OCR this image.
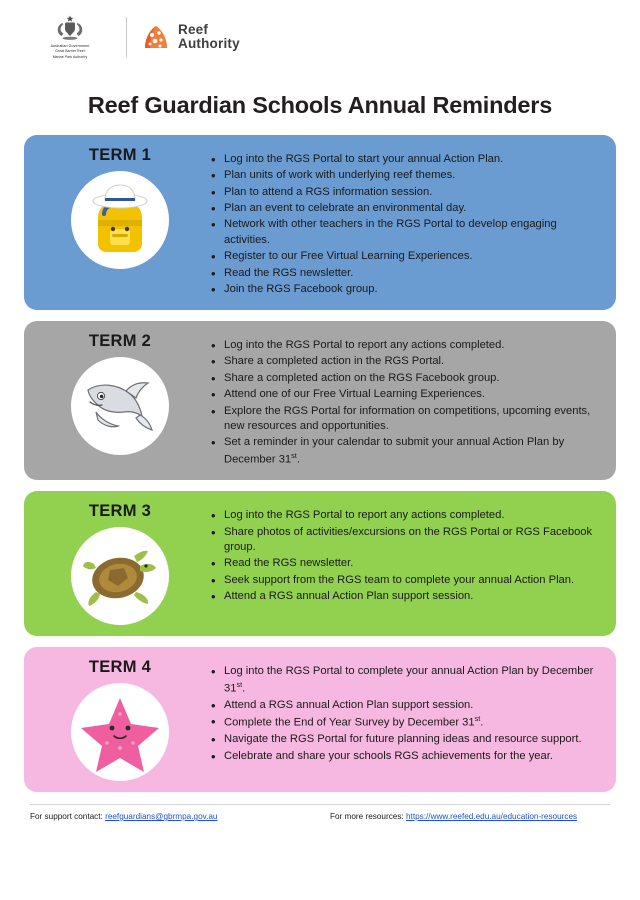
Australian Government
Great Barrier Reef
Marine Park Authority
Reef
Authority
Reef Guardian Schools Annual Reminders
TERM 1	• Log into the RGS Portal to start your annual Action Plan.
• Plan units of work with underlying reef themes.
• Plan to attend a RGS information session.
• Plan an event to celebrate an environmental day.
• Network with other teachers in the RGS Portal to develop engaging activities.
• Register to our Free Virtual Learning Experiences.
• Read the RGS newsletter.
• Join the RGS Facebook group.
TERM 2	• Log into the RGS Portal to report any actions completed.
• Share a completed action in the RGS Portal.
• Share a completed action on the RGS Facebook group.
• Attend one of our Free Virtual Learning Experiences.
• Explore the RGS Portal for information on competitions, upcoming events, new resources and opportunities.
• Set a reminder in your calendar to submit your annual Action Plan by December 31st.
TERM 3	• Log into the RGS Portal to report any actions completed.
• Share photos of activities/excursions on the RGS Portal or RGS Facebook group.
• Read the RGS newsletter.
• Seek support from the RGS team to complete your annual Action Plan.
• Attend a RGS annual Action Plan support session.
TERM 4	• Log into the RGS Portal to complete your annual Action Plan by December 31st.
• Attend a RGS annual Action Plan support session.
• Complete the End of Year Survey by December 31st.
• Navigate the RGS Portal for future planning ideas and resource support.
• Celebrate and share your schools RGS achievements for the year.
For support contact: reefguardians@gbrmpa.gov.au	For more resources: https://www.reefed.edu.au/education-resources
